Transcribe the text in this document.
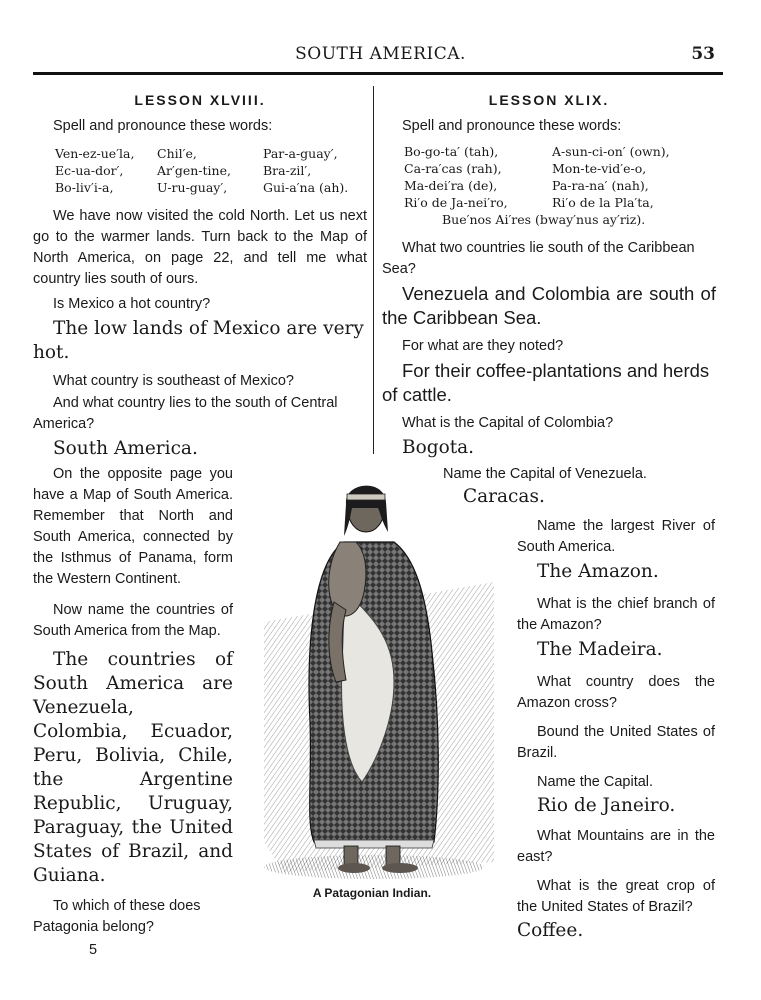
SOUTH AMERICA.	53
LESSON XLVIII.

Spell and pronounce these words:

Ven-ez-ue′la,	Chil′e,	Par-a-guay′,
Ec-ua-dor′,	Ar′gen-tine,	Bra-zil′,
Bo-liv′i-a,	U-ru-guay′,	Gui-a′na (ah).

We have now visited the cold North. Let us next go to the warmer lands. Turn back to the Map of North America, on page 22, and tell me what country lies south of ours.

Is Mexico a hot country?

The low lands of Mexico are very hot.

What country is southeast of Mexico?

And what country lies to the south of Central America?

South America.

LESSON XLIX.

Spell and pronounce these words:

Bo-go-ta′ (tah),	A-sun-ci-on′ (own),
Ca-ra′cas (rah),	Mon-te-vid′e-o,
Ma-dei′ra (de),	Pa-ra-na′ (nah),
Ri′o de Ja-nei′ro,	Ri′o de la Pla′ta,

Bue′nos Ai′res (bway′nus ay′riz).

What two countries lie south of the Caribbean Sea?

Venezuela and Colombia are south of the Caribbean Sea.

For what are they noted?

For their coffee-plantations and herds of cattle.

What is the Capital of Colombia?

Bogota.

On the opposite page you have a Map of South America. Remember that North and South America, connected by the Isthmus of Panama, form the Western Continent.

Now name the countries of South America from the Map.

The countries of South America are Venezuela, Colombia, Ecuador, Peru, Bolivia, Chile, the Argentine Republic, Uruguay, Paraguay, the United States of Brazil, and Guiana.

To which of these does Patagonia belong?

5

A Patagonian Indian.

Name the Capital of Venezuela.

Caracas.

Name the largest River of South America.

The Amazon.

What is the chief branch of the Amazon?

The Madeira.

What country does the Amazon cross?

Bound the United States of Brazil.

Name the Capital.

Rio de Janeiro.

What Mountains are in the east?

What is the great crop of the United States of Brazil?

Coffee.
